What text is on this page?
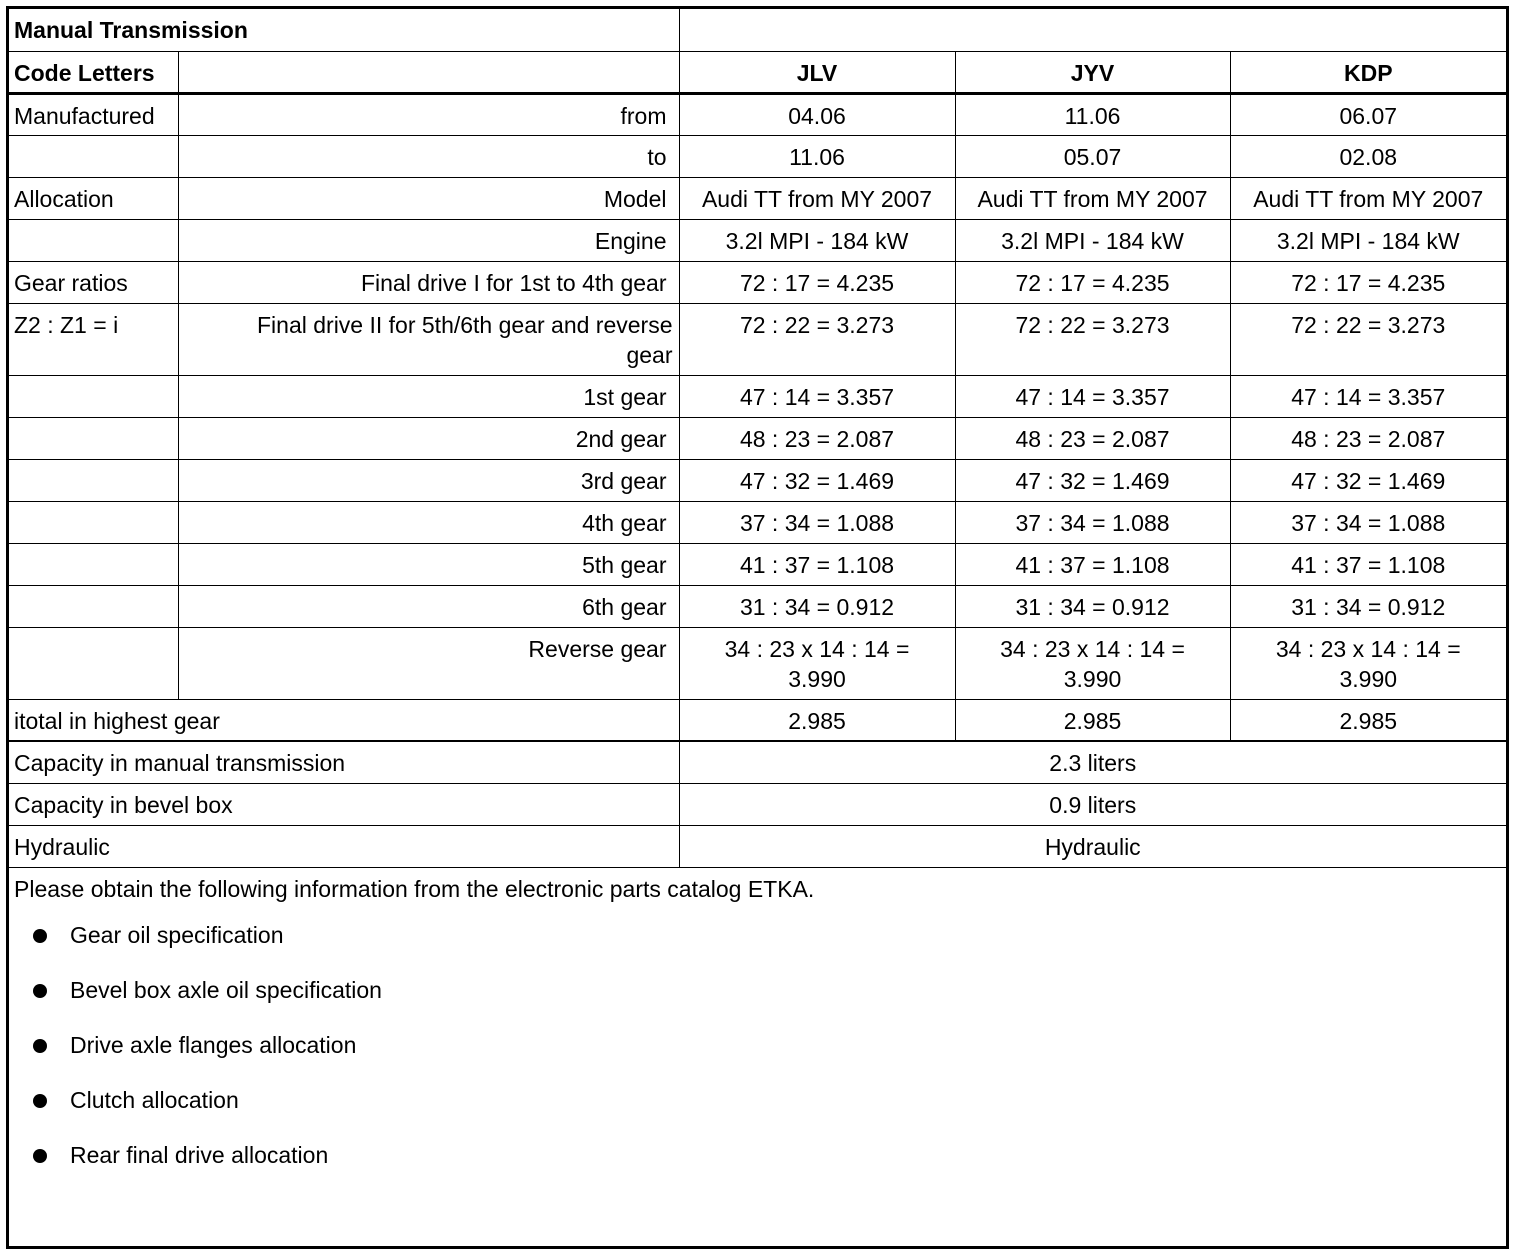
Manual Transmission				
Code Letters		JLV	JYV	KDP
Manufactured	from	04.06	11.06	06.07
	to	11.06	05.07	02.08
Allocation	Model	Audi TT from MY 2007	Audi TT from MY 2007	Audi TT from MY 2007
	Engine	3.2l MPI - 184 kW	3.2l MPI - 184 kW	3.2l MPI - 184 kW
Gear ratios	Final drive I for 1st to 4th gear	72 : 17 = 4.235	72 : 17 = 4.235	72 : 17 = 4.235
Z2 : Z1 = i	Final drive II for 5th/6th gear and reverse gear	72 : 22 = 3.273	72 : 22 = 3.273	72 : 22 = 3.273
	1st gear	47 : 14 = 3.357	47 : 14 = 3.357	47 : 14 = 3.357
	2nd gear	48 : 23 = 2.087	48 : 23 = 2.087	48 : 23 = 2.087
	3rd gear	47 : 32 = 1.469	47 : 32 = 1.469	47 : 32 = 1.469
	4th gear	37 : 34 = 1.088	37 : 34 = 1.088	37 : 34 = 1.088
	5th gear	41 : 37 = 1.108	41 : 37 = 1.108	41 : 37 = 1.108
	6th gear	31 : 34 = 0.912	31 : 34 = 0.912	31 : 34 = 0.912
	Reverse gear	34 : 23 x 14 : 14 = 3.990	34 : 23 x 14 : 14 = 3.990	34 : 23 x 14 : 14 = 3.990
itotal in highest gear		2.985	2.985	2.985
Capacity in manual transmission		2.3 liters		
Capacity in bevel box		0.9 liters		
Hydraulic		Hydraulic		

Please obtain the following information from the electronic parts catalog ETKA.

Gear oil specification
Bevel box axle oil specification
Drive axle flanges allocation
Clutch allocation
Rear final drive allocation
